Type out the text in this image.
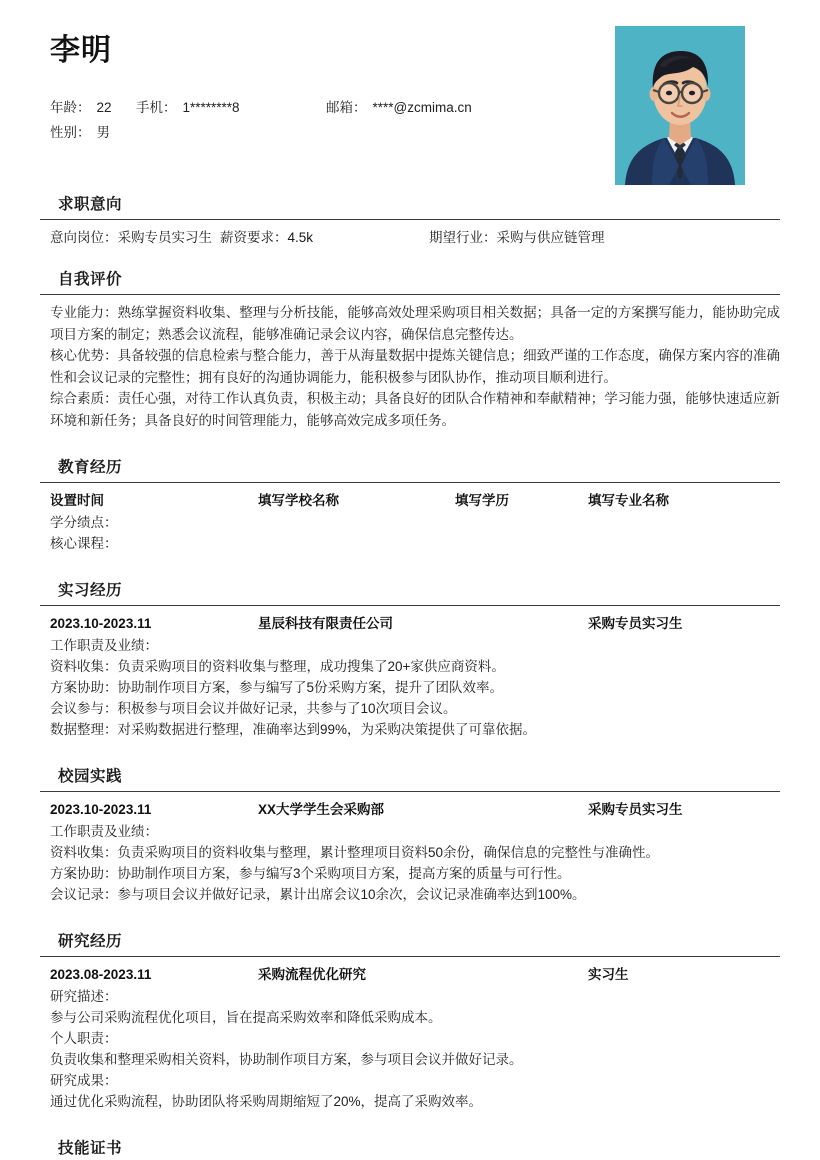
李明
年龄： 22 手机： 1********8	邮箱： ****@zcmima.cn
性别： 男
求职意向
意向岗位：采购专员实习生 薪资要求：4.5k	期望行业：采购与供应链管理
自我评价
专业能力：熟练掌握资料收集、整理与分析技能，能够高效处理采购项目相关数据；具备一定的方案撰写能力，能协助完成项目方案的制定；熟悉会议流程，能够准确记录会议内容，确保信息完整传达。
核心优势：具备较强的信息检索与整合能力，善于从海量数据中提炼关键信息；细致严谨的工作态度，确保方案内容的准确性和会议记录的完整性；拥有良好的沟通协调能力，能积极参与团队协作，推动项目顺利进行。
综合素质：责任心强，对待工作认真负责，积极主动；具备良好的团队合作精神和奉献精神；学习能力强，能够快速适应新环境和新任务；具备良好的时间管理能力，能够高效完成多项任务。
教育经历
设置时间	填写学校名称	填写学历	填写专业名称
学分绩点：
核心课程：
实习经历
2023.10-2023.11	星辰科技有限责任公司	采购专员实习生
工作职责及业绩：
资料收集：负责采购项目的资料收集与整理，成功搜集了20+家供应商资料。
方案协助：协助制作项目方案，参与编写了5份采购方案，提升了团队效率。
会议参与：积极参与项目会议并做好记录，共参与了10次项目会议。
数据整理：对采购数据进行整理，准确率达到99%，为采购决策提供了可靠依据。
校园实践
2023.10-2023.11	XX大学学生会采购部	采购专员实习生
工作职责及业绩：
资料收集：负责采购项目的资料收集与整理，累计整理项目资料50余份，确保信息的完整性与准确性。
方案协助：协助制作项目方案，参与编写3个采购项目方案，提高方案的质量与可行性。
会议记录：参与项目会议并做好记录，累计出席会议10余次，会议记录准确率达到100%。
研究经历
2023.08-2023.11	采购流程优化研究	实习生
研究描述：
参与公司采购流程优化项目，旨在提高采购效率和降低采购成本。
个人职责：
负责收集和整理采购相关资料，协助制作项目方案，参与项目会议并做好记录。
研究成果：
通过优化采购流程，协助团队将采购周期缩短了20%，提高了采购效率。
技能证书
